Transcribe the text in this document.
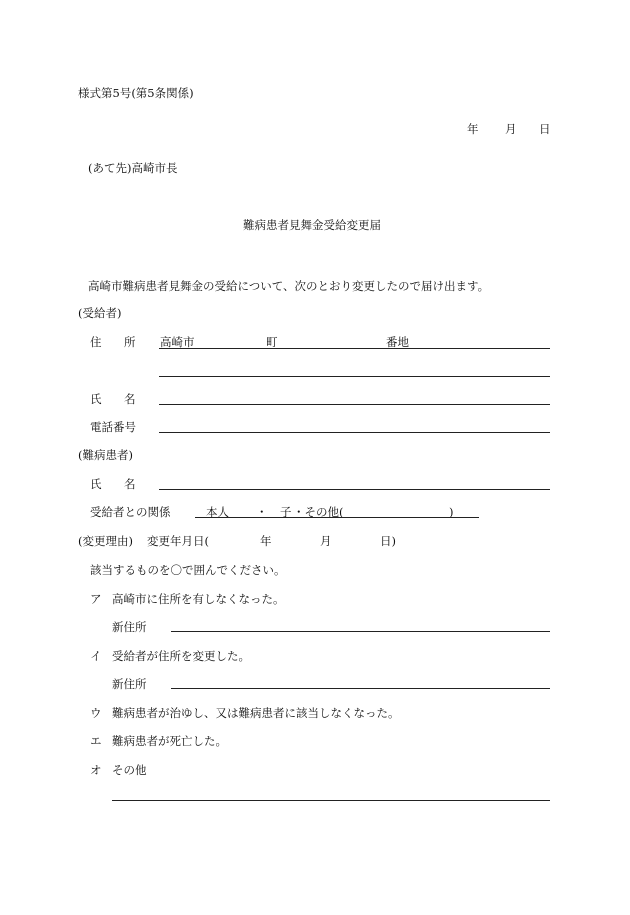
様式第5号(第5条関係)
年 月 日
(あて先)高崎市長
難病患者見舞金受給変更届
高崎市難病患者見舞金の受給について、次のとおり変更したので届け出ます。
(受給者)
住 所 高崎市	町	番地
氏 名
電話番号
(難病患者)
氏 名
受給者との関係	本人 ・ 子 ・その他(	)
(変更理由) 変更年月日(	年	月	日)
該当するものを〇で囲んでください。
ア 高崎市に住所を有しなくなった。
新住所
イ 受給者が住所を変更した。
新住所
ウ 難病患者が治ゆし、又は難病患者に該当しなくなった。
エ 難病患者が死亡した。
オ その他
